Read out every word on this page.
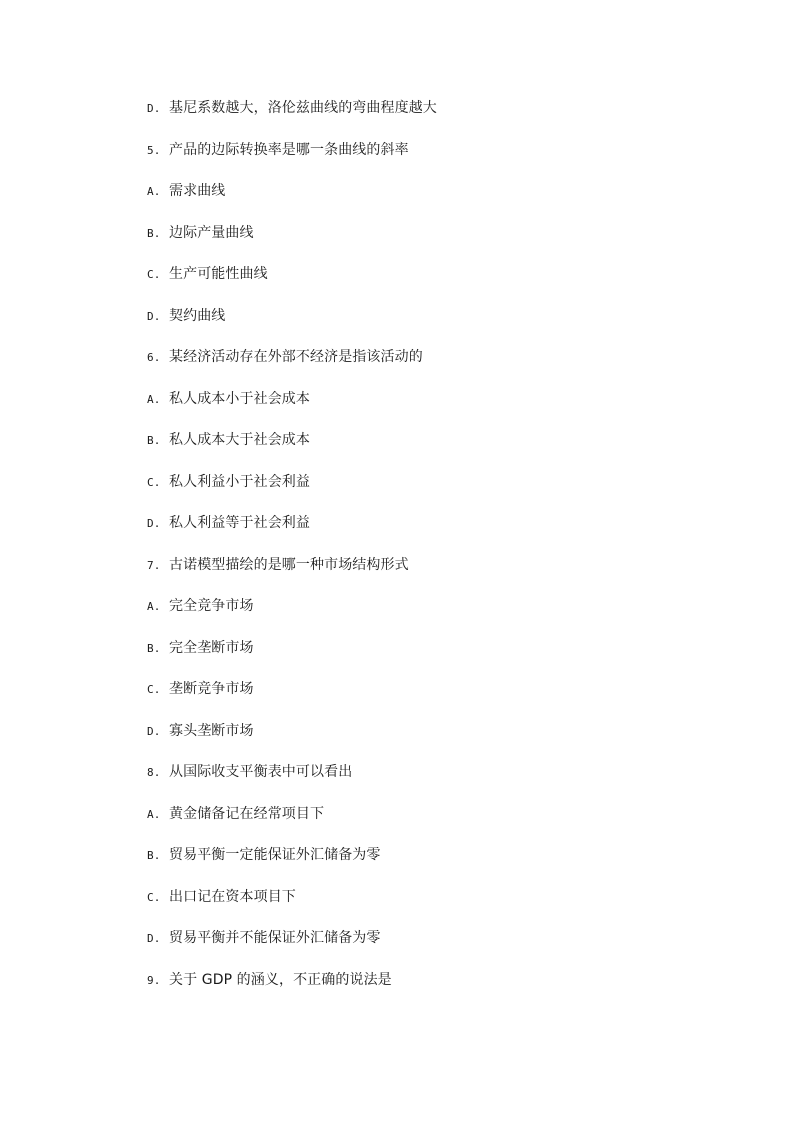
D. 基尼系数越大，洛伦兹曲线的弯曲程度越大
5. 产品的边际转换率是哪一条曲线的斜率
A. 需求曲线
B. 边际产量曲线
C. 生产可能性曲线
D. 契约曲线
6. 某经济活动存在外部不经济是指该活动的
A. 私人成本小于社会成本
B. 私人成本大于社会成本
C. 私人利益小于社会利益
D. 私人利益等于社会利益
7. 古诺模型描绘的是哪一种市场结构形式
A. 完全竞争市场
B. 完全垄断市场
C. 垄断竞争市场
D. 寡头垄断市场
8. 从国际收支平衡表中可以看出
A. 黄金储备记在经常项目下
B. 贸易平衡一定能保证外汇储备为零
C. 出口记在资本项目下
D. 贸易平衡并不能保证外汇储备为零
9. 关于 GDP 的涵义，不正确的说法是
